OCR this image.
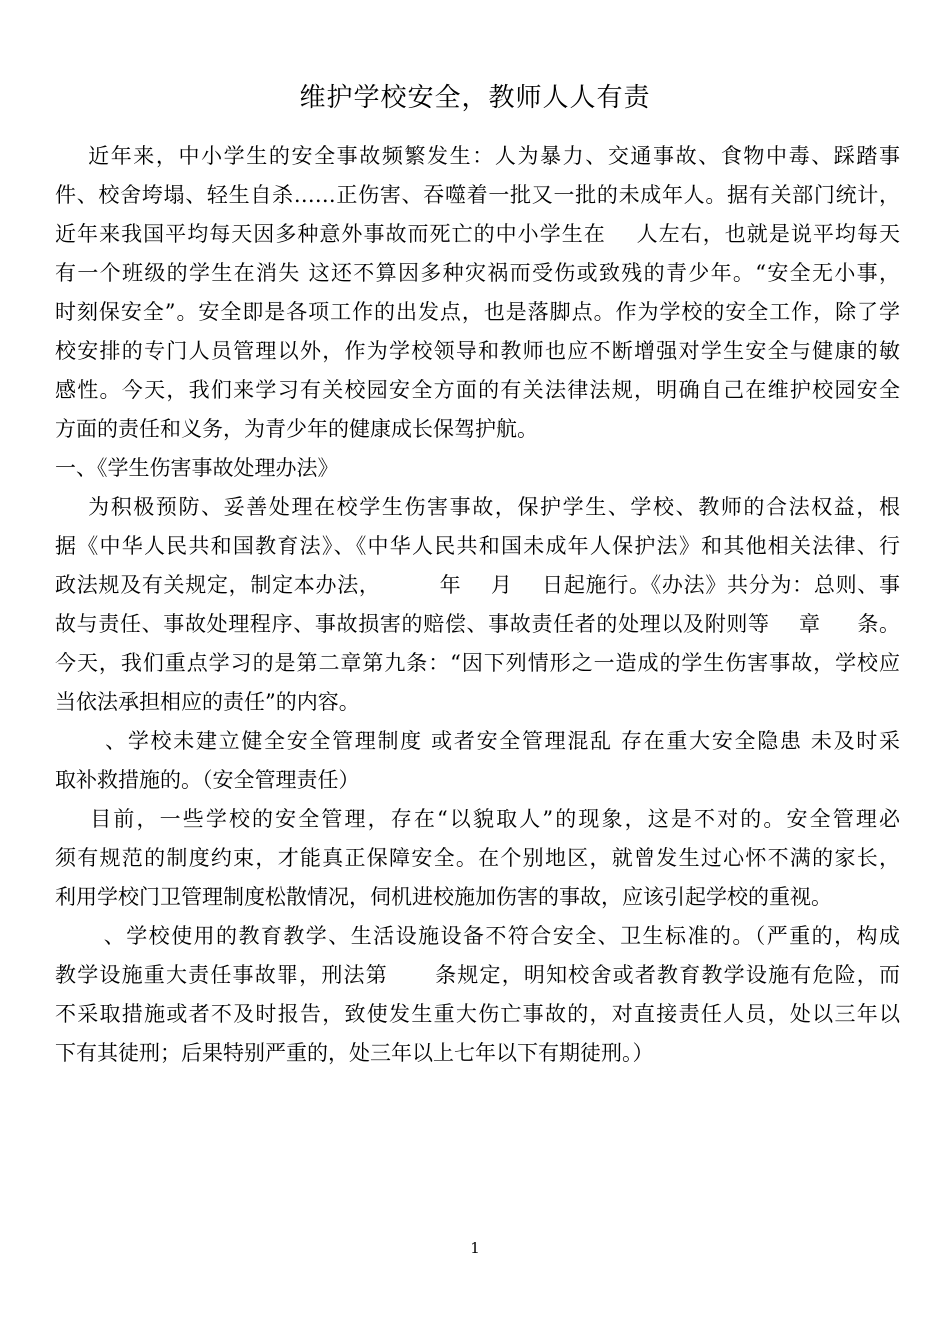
维护学校安全，教师人人有责
近年来，中小学生的安全事故频繁发生：人为暴力、交通事故、食物中毒、踩踏事
件、校舍垮塌、轻生自杀……正伤害、吞噬着一批又一批的未成年人。据有关部门统计，
近年来我国平均每天因多种意外事故而死亡的中小学生在    人左右，也就是说平均每天
有一个班级的学生在消失 这还不算因多种灾祸而受伤或致残的青少年。“安全无小事，
时刻保安全”。安全即是各项工作的出发点，也是落脚点。作为学校的安全工作，除了学
校安排的专门人员管理以外，作为学校领导和教师也应不断增强对学生安全与健康的敏
感性。今天，我们来学习有关校园安全方面的有关法律法规，明确自己在维护校园安全
方面的责任和义务，为青少年的健康成长保驾护航。
一、《学生伤害事故处理办法》
为积极预防、妥善处理在校学生伤害事故，保护学生、学校、教师的合法权益，根
据《中华人民共和国教育法》、《中华人民共和国未成年人保护法》和其他相关法律、行
政法规及有关规定，制定本办法，        年    月    日起施行。《办法》共分为：总则、事
故与责任、事故处理程序、事故损害的赔偿、事故责任者的处理以及附则等    章     条。
今天，我们重点学习的是第二章第九条：“因下列情形之一造成的学生伤害事故，学校应
当依法承担相应的责任”的内容。
、学校未建立健全安全管理制度 或者安全管理混乱 存在重大安全隐患 未及时采
取补救措施的。（安全管理责任）
目前，一些学校的安全管理，存在“以貌取人”的现象，这是不对的。安全管理必
须有规范的制度约束，才能真正保障安全。在个别地区，就曾发生过心怀不满的家长，
利用学校门卫管理制度松散情况，伺机进校施加伤害的事故，应该引起学校的重视。
、学校使用的教育教学、生活设施设备不符合安全、卫生标准的。（严重的，构成
教学设施重大责任事故罪，刑法第      条规定，明知校舍或者教育教学设施有危险，而
不采取措施或者不及时报告，致使发生重大伤亡事故的，对直接责任人员，处以三年以
下有其徒刑；后果特别严重的，处三年以上七年以下有期徒刑。）
1
